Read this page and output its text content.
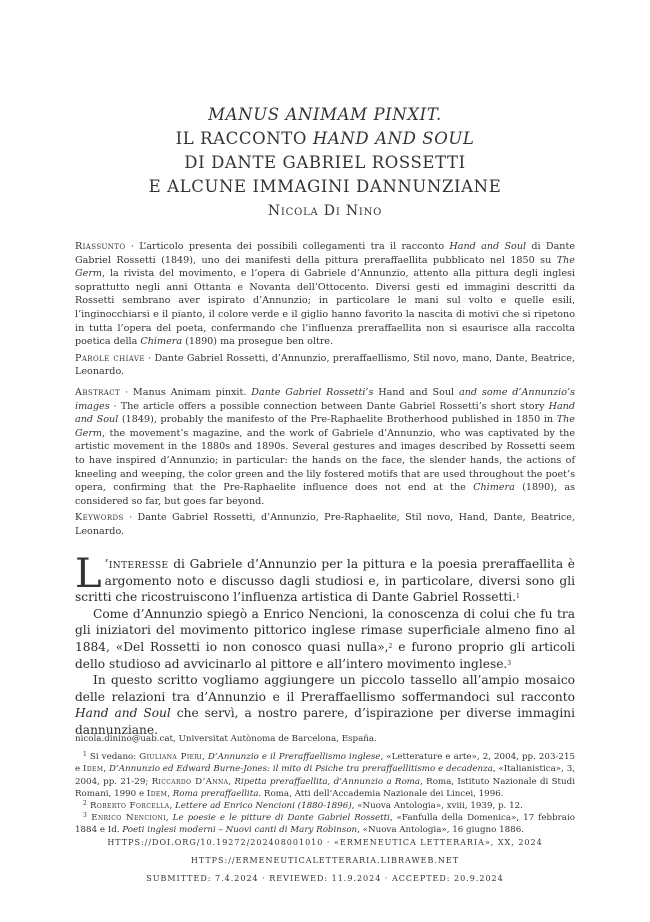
MANUS ANIMAM PINXIT.
IL RACCONTO HAND AND SOUL
DI DANTE GABRIEL ROSSETTI
E ALCUNE IMMAGINI DANNUNZIANE
Nicola Di Nino

Riassunto · L’articolo presenta dei possibili collegamenti tra il racconto Hand and Soul di Dante Gabriel Rossetti (1849), uno dei manifesti della pittura preraffaellita pubblicato nel 1850 su The Germ, la rivista del movimento, e l’opera di Gabriele d’Annunzio, attento alla pittura degli inglesi soprattutto negli anni Ottanta e Novanta dell’Ottocento. Diversi gesti ed immagini descritti da Rossetti sembrano aver ispirato d’Annunzio; in particolare le mani sul volto e quelle esili, l’inginocchiarsi e il pianto, il colore verde e il giglio hanno favorito la nascita di motivi che si ripetono in tutta l’opera del poeta, confermando che l’influenza preraffaellita non si esaurisce alla raccolta poetica della Chimera (1890) ma prosegue ben oltre.

Parole chiave · Dante Gabriel Rossetti, d’Annunzio, preraffaellismo, Stil novo, mano, Dante, Beatrice, Leonardo.

Abstract · Manus Animam pinxit. Dante Gabriel Rossetti’s Hand and Soul and some d’Annunzio’s images · The article offers a possible connection between Dante Gabriel Rossetti’s short story Hand and Soul (1849), probably the manifesto of the Pre-Raphaelite Brotherhood published in 1850 in The Germ, the movement’s magazine, and the work of Gabriele d’Annunzio, who was captivated by the artistic movement in the 1880s and 1890s. Several gestures and images described by Rossetti seem to have inspired d’Annunzio; in particular: the hands on the face, the slender hands, the actions of kneeling and weeping, the color green and the lily fostered motifs that are used throughout the poet’s opera, confirming that the Pre-Raphaelite influence does not end at the Chimera (1890), as considered so far, but goes far beyond.

Keywords · Dante Gabriel Rossetti, d’Annunzio, Pre-Raphaelite, Stil novo, Hand, Dante, Beatrice, Leonardo.

L ’interesse di Gabriele d’Annunzio per la pittura e la poesia preraffaellita è argomento noto e discusso dagli studiosi e, in particolare, diversi sono gli scritti che ricostruiscono l’influenza artistica di Dante Gabriel Rossetti.$^1$

Come d’Annunzio spiegò a Enrico Nencioni, la conoscenza di colui che fu tra gli iniziatori del movimento pittorico inglese rimase superficiale almeno fino al 1884, «Del Rossetti io non conosco quasi nulla»,$^2$ e furono proprio gli articoli dello studioso ad avvicinarlo al pittore e all’intero movimento inglese.$^3$

In questo scritto vogliamo aggiungere un piccolo tassello all’ampio mosaico delle relazioni tra d’Annunzio e il Preraffaellismo soffermandoci sul racconto Hand and Soul che servì, a nostro parere, d’ispirazione per diverse immagini dannunziane.

nicola.dinino@uab.cat, Universitat Autònoma de Barcelona, España.

$^1$ Si vedano: Giuliana Pieri, D’Annunzio e il Preraffaellismo inglese, «Letterature e arte», 2, 2004, pp. 203-215 e Idem, D’Annunzio ed Edward Burne-Jones: il mito di Psiche tra preraffaellitismo e decadenza, «Italianistica», 3, 2004, pp. 21-29; Riccardo D’Anna, Ripetta preraffaellita, d’Annunzio a Roma, Roma, Istituto Nazionale di Studi Romani, 1990 e Idem, Roma preraffaellita. Roma, Atti dell’Accademia Nazionale dei Lincei, 1996.

$^2$ Roberto Forcella, Lettere ad Enrico Nencioni (1880-1896), «Nuova Antologia», xviii, 1939, p. 12.

$^3$ Enrico Nencioni, Le poesie e le pitture di Dante Gabriel Rossetti, «Fanfulla della Domenica», 17 febbraio 1884 e Id. Poeti inglesi moderni – Nuovi canti di Mary Robinson, «Nuova Antologia», 16 giugno 1886.

HTTPS://DOI.ORG/10.19272/202408001010 · «ERMENEUTICA LETTERARIA», XX, 2024
HTTPS://ERMENEUTICALETTERARIA.LIBRAWEB.NET
SUBMITTED: 7.4.2024 · REVIEWED: 11.9.2024 · ACCEPTED: 20.9.2024
